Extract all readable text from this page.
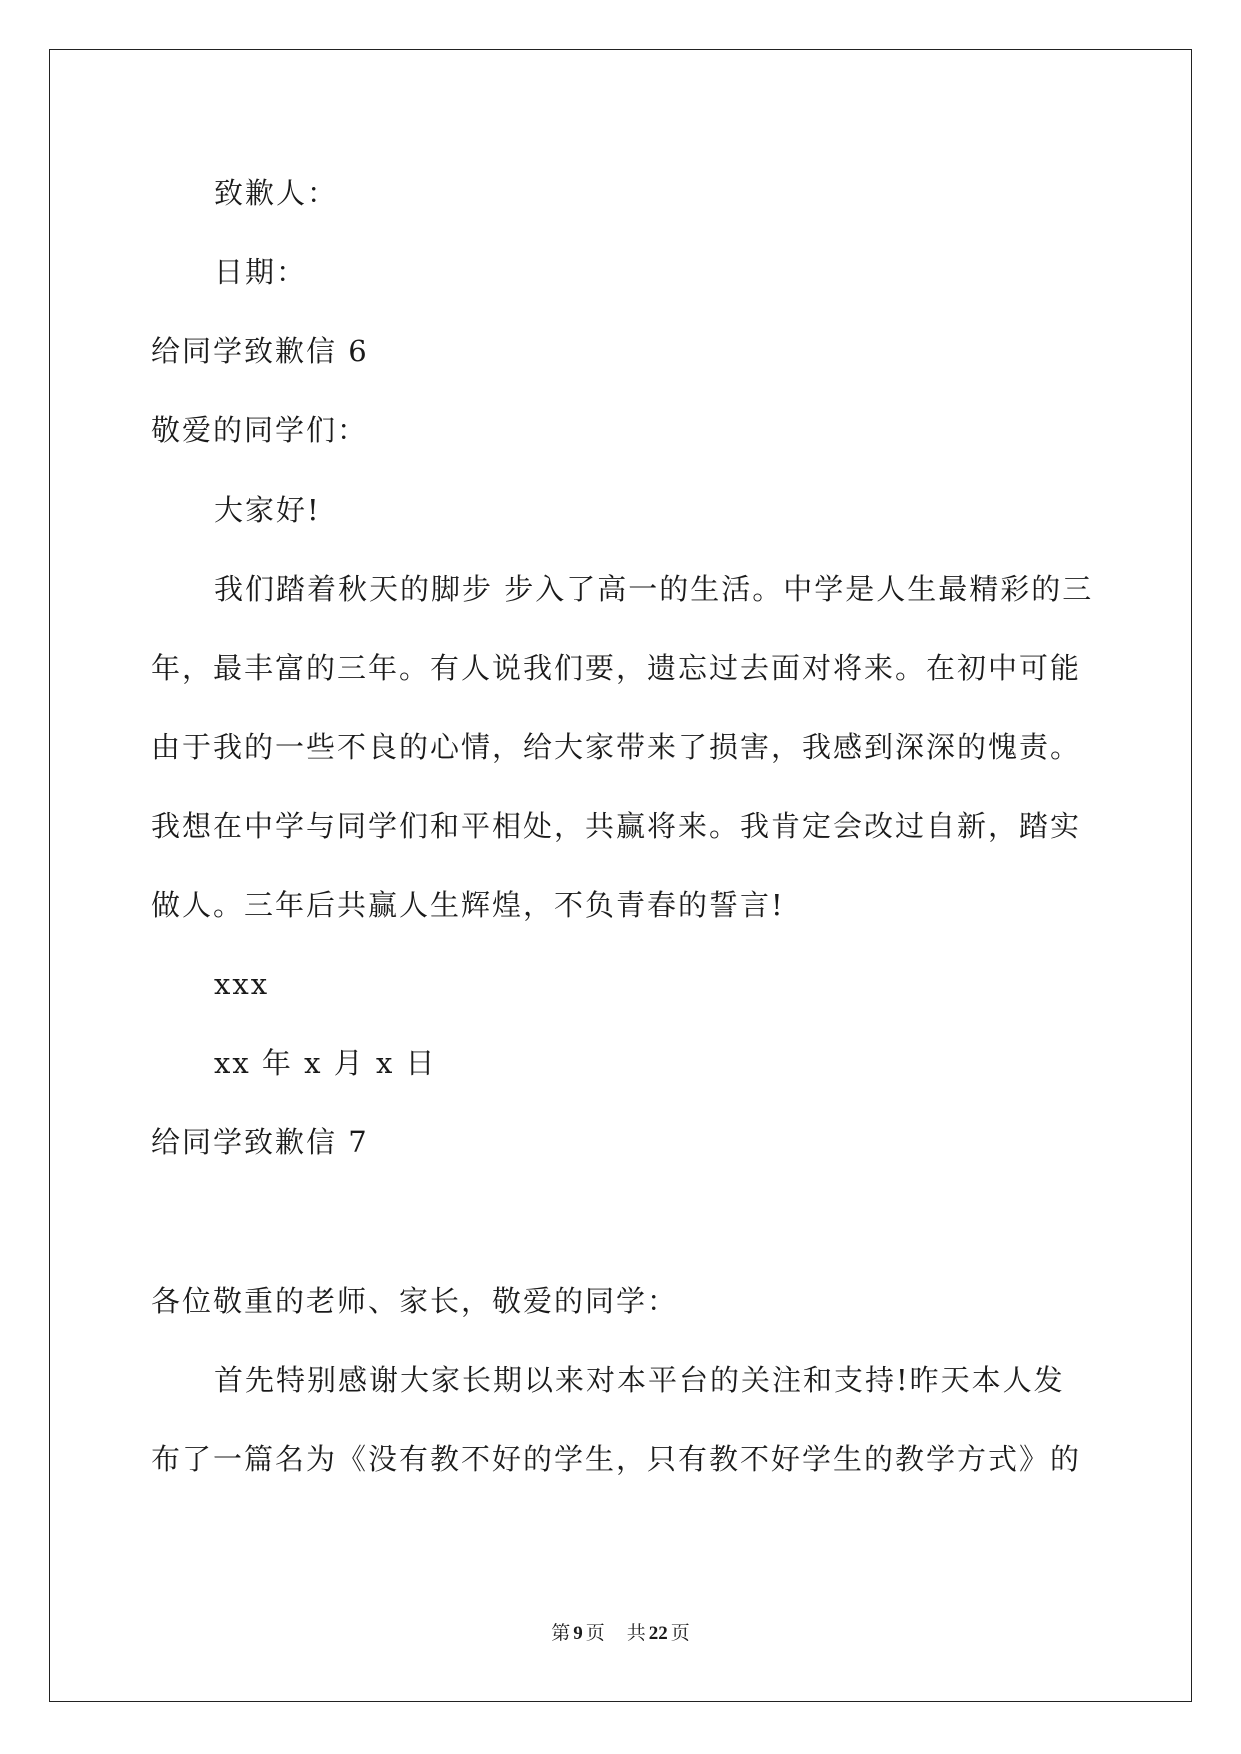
致歉人：
日期：
给同学致歉信 6
敬爱的同学们：
大家好!
我们踏着秋天的脚步 步入了高一的生活。中学是人生最精彩的三
年，最丰富的三年。有人说我们要，遗忘过去面对将来。在初中可能
由于我的一些不良的心情，给大家带来了损害，我感到深深的愧责。
我想在中学与同学们和平相处，共赢将来。我肯定会改过自新，踏实
做人。三年后共赢人生辉煌，不负青春的誓言!
xxx
xx 年 x 月 x 日
给同学致歉信 7
各位敬重的老师、家长，敬爱的同学：
首先特别感谢大家长期以来对本平台的关注和支持!昨天本人发
布了一篇名为《没有教不好的学生，只有教不好学生的教学方式》的
第 9 页 共 22 页
